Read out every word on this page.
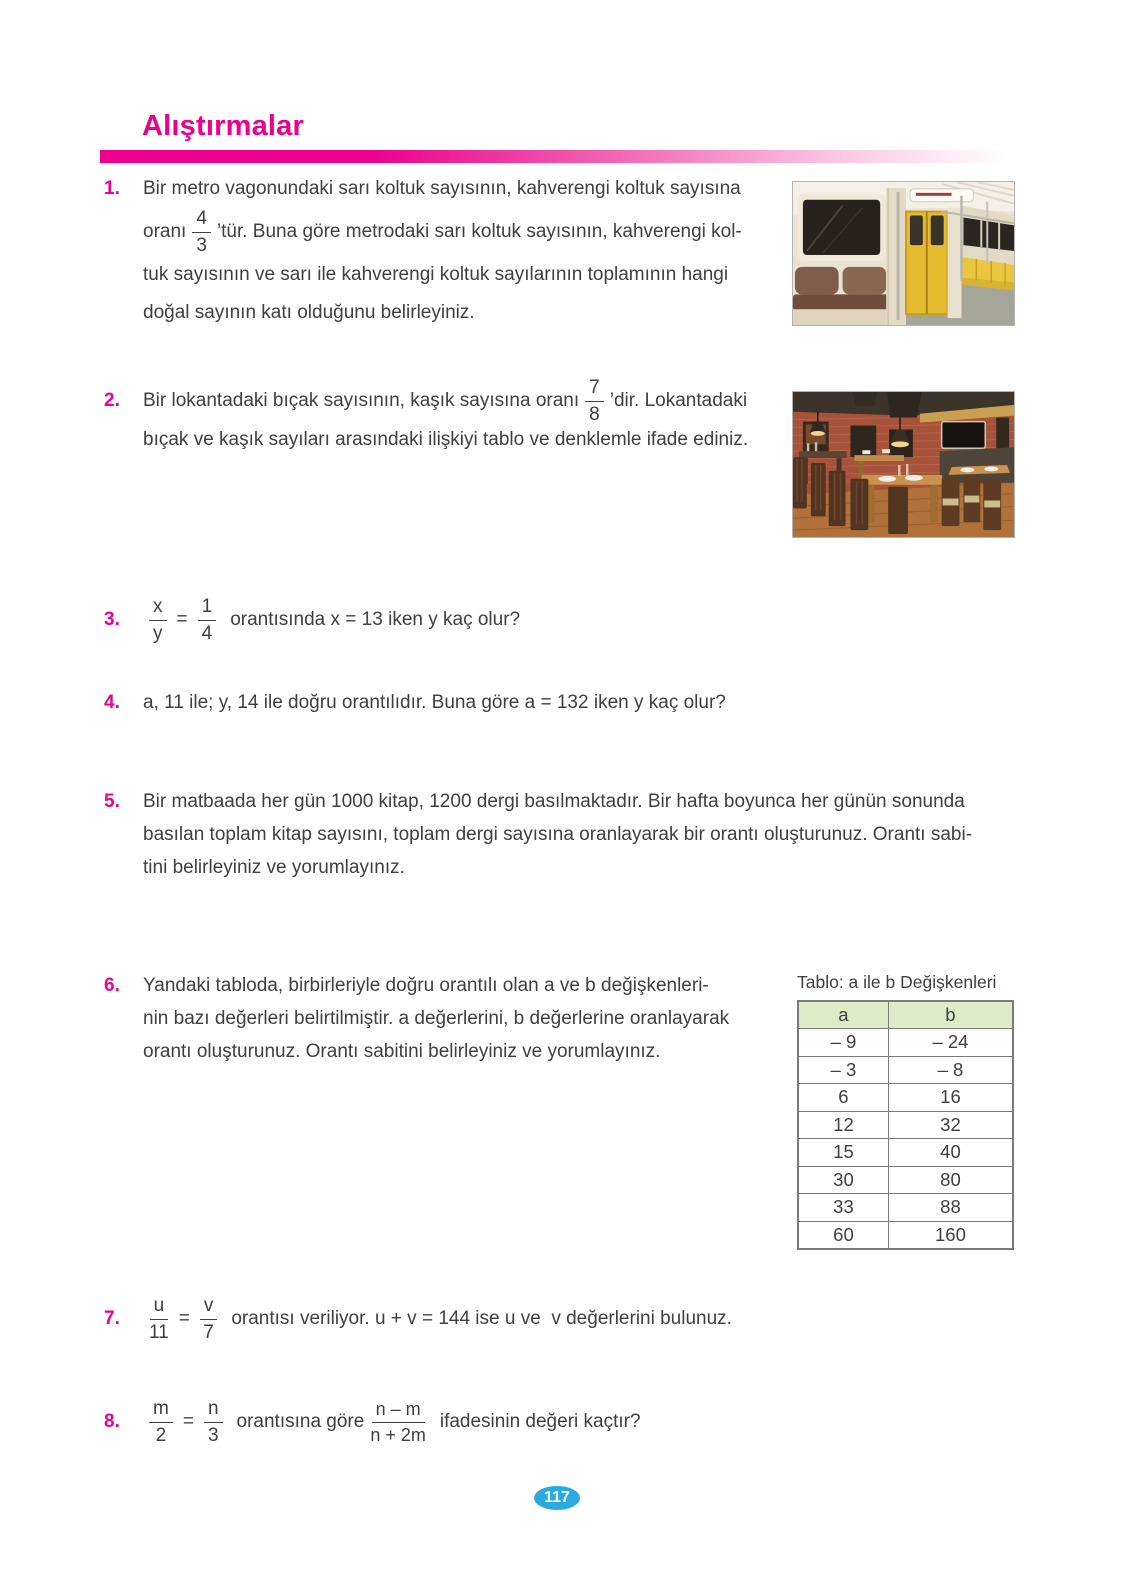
Alıştırmalar
1.	Bir metro vagonundaki sarı koltuk sayısının, kahverengi koltuk sayısına
oranı $\frac{4}{3}$ ’tür. Buna göre metrodaki sarı koltuk sayısının, kahverengi kol-
tuk sayısının ve sarı ile kahverengi koltuk sayılarının toplamının hangi
doğal sayının katı olduğunu belirleyiniz.
2.	Bir lokantadaki bıçak sayısının, kaşık sayısına oranı $\frac{7}{8}$ ’dir. Lokantadaki
bıçak ve kaşık sayıları arasındaki ilişkiyi tablo ve denklemle ifade ediniz.
3.	$\frac{x}{y} = \frac{1}{4}$ orantısında x = 13 iken y kaç olur?
4.	a, 11 ile; y, 14 ile doğru orantılıdır. Buna göre a = 132 iken y kaç olur?
5.	Bir matbaada her gün 1000 kitap, 1200 dergi basılmaktadır. Bir hafta boyunca her günün sonunda
basılan toplam kitap sayısını, toplam dergi sayısına oranlayarak bir orantı oluşturunuz. Orantı sabi-
tini belirleyiniz ve yorumlayınız.
6.	Yandaki tabloda, birbirleriyle doğru orantılı olan a ve b değişkenleri-
nin bazı değerleri belirtilmiştir. a değerlerini, b değerlerine oranlayarak
orantı oluşturunuz. Orantı sabitini belirleyiniz ve yorumlayınız.
Tablo: a ile b Değişkenleri
a	b
– 9	– 24
– 3	– 8
6	16
12	32
15	40
30	80
33	88
60	160
7.	$\frac{u}{11} = \frac{v}{7}$ orantısı veriliyor. u + v = 144 ise u ve  v değerlerini bulunuz.
8.	$\frac{m}{2} = \frac{n}{3}$ orantısına göre $\frac{n - m}{n + 2m}$ ifadesinin değeri kaçtır?
117
